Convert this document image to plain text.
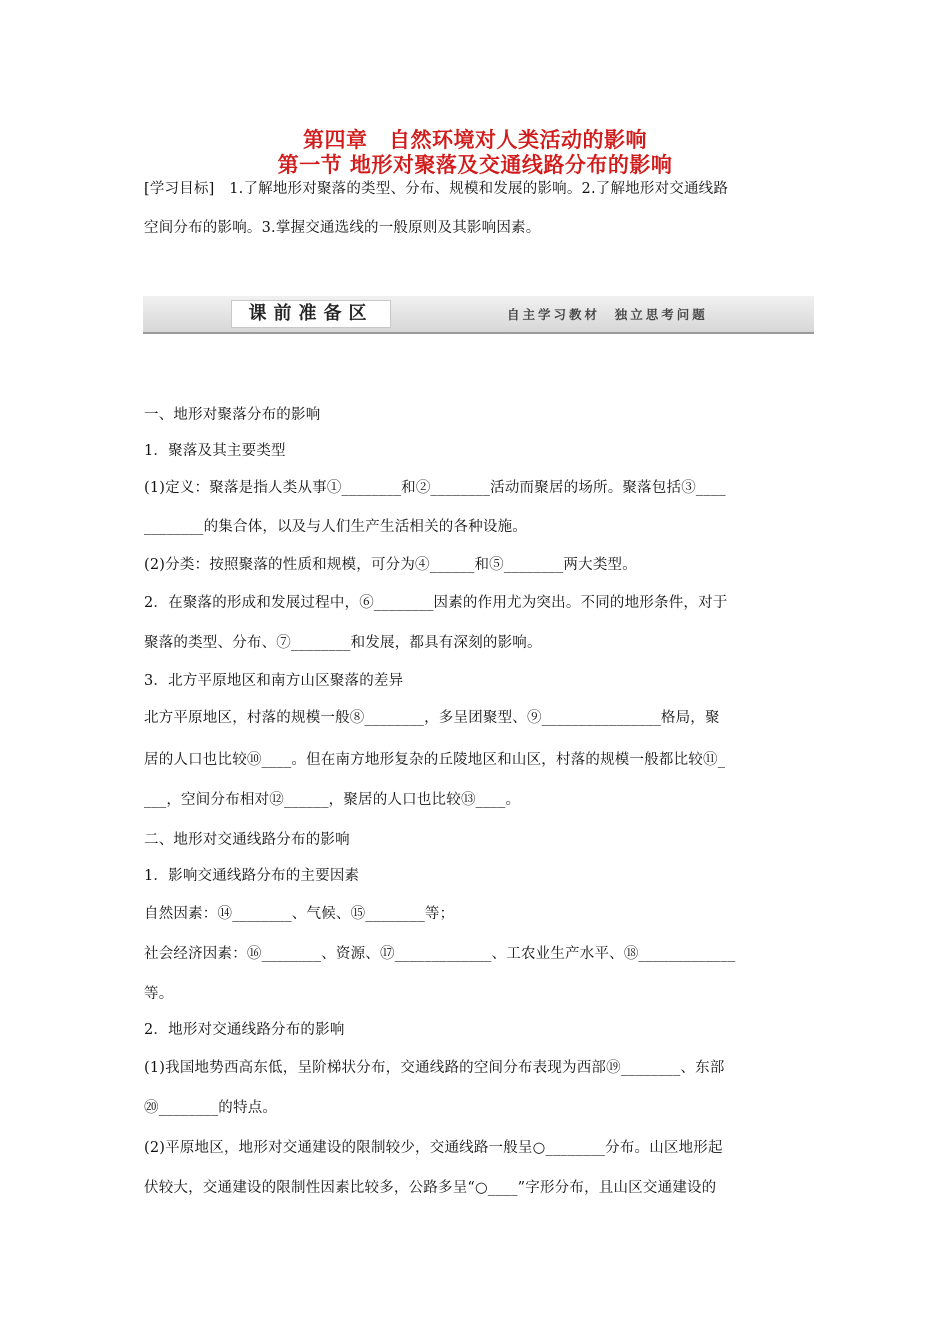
第四章　自然环境对人类活动的影响
第一节 地形对聚落及交通线路分布的影响
[学习目标]　1.了解地形对聚落的类型、分布、规模和发展的影响。2.了解地形对交通线路
空间分布的影响。3.掌握交通选线的一般原则及其影响因素。
课前准备区	自主学习教材  独立思考问题
一、地形对聚落分布的影响
1．聚落及其主要类型
(1)定义：聚落是指人类从事①________和②________活动而聚居的场所。聚落包括③____
________的集合体，以及与人们生产生活相关的各种设施。
(2)分类：按照聚落的性质和规模，可分为④______和⑤________两大类型。
2．在聚落的形成和发展过程中，⑥________因素的作用尤为突出。不同的地形条件，对于
聚落的类型、分布、⑦________和发展，都具有深刻的影响。
3．北方平原地区和南方山区聚落的差异
北方平原地区，村落的规模一般⑧________，多呈团聚型、⑨________________格局，聚
居的人口也比较⑩____。但在南方地形复杂的丘陵地区和山区，村落的规模一般都比较⑪_
___，空间分布相对⑫______，聚居的人口也比较⑬____。
二、地形对交通线路分布的影响
1．影响交通线路分布的主要因素
自然因素：⑭________、气候、⑮________等；
社会经济因素：⑯________、资源、⑰_____________、工农业生产水平、⑱_____________
等。
2．地形对交通线路分布的影响
(1)我国地势西高东低，呈阶梯状分布，交通线路的空间分布表现为西部⑲________、东部
⑳________的特点。
(2)平原地区，地形对交通建设的限制较少，交通线路一般呈○________分布。山区地形起
伏较大，交通建设的限制性因素比较多，公路多呈“○____”字形分布，且山区交通建设的
